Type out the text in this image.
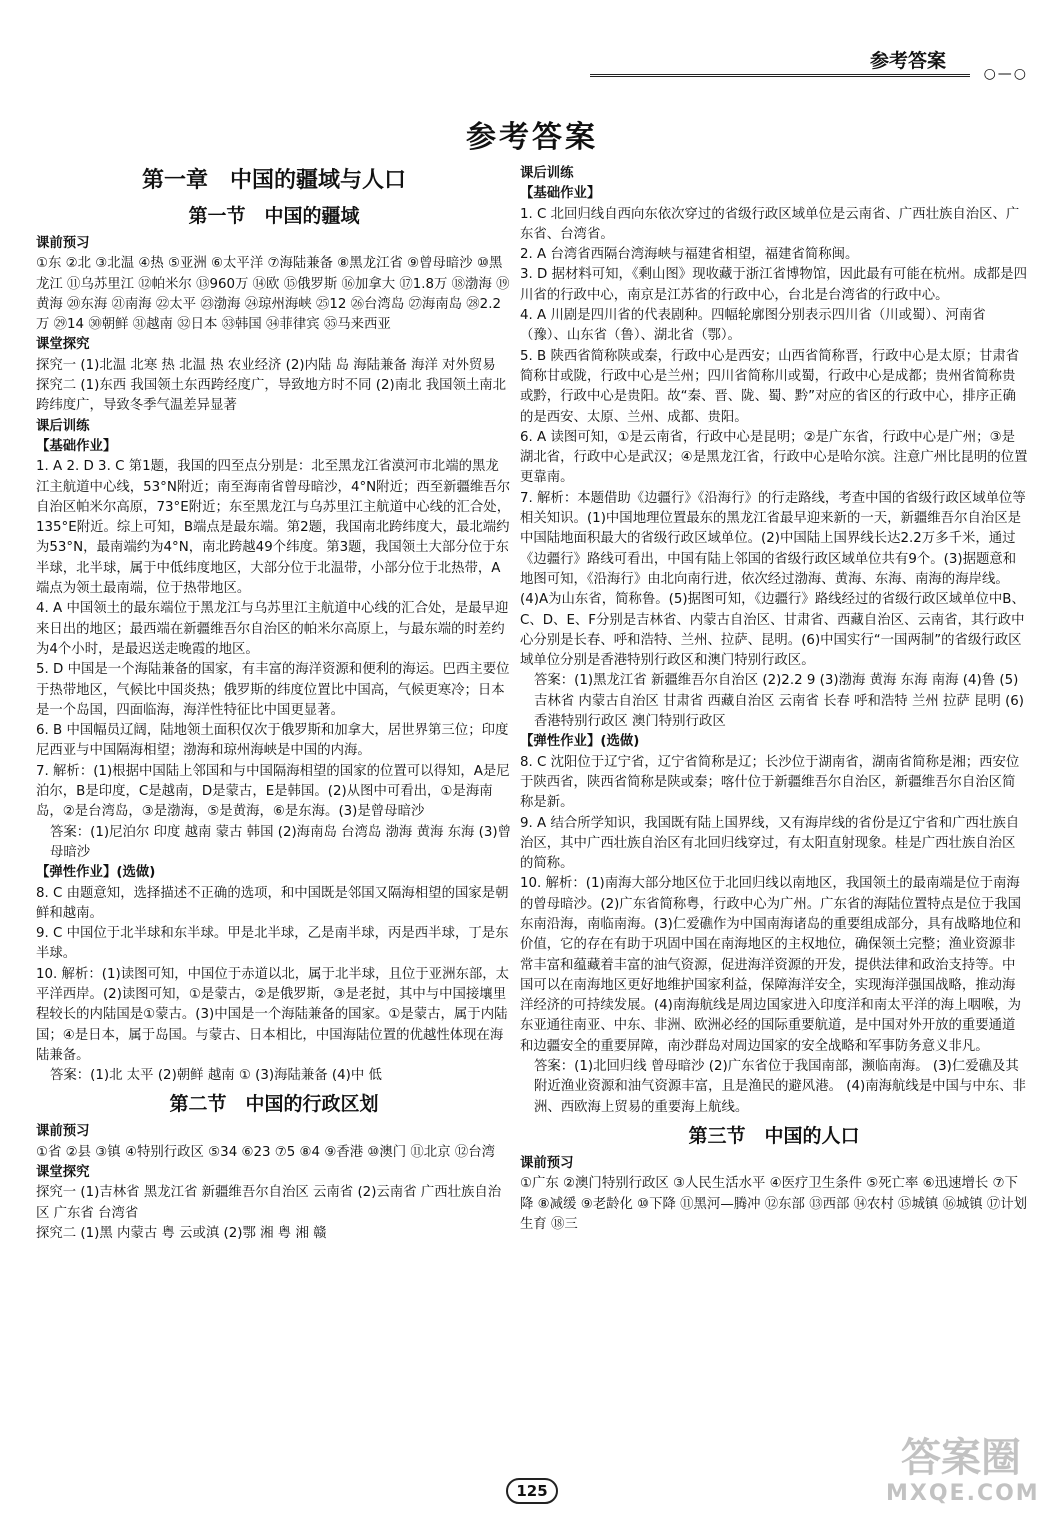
参考答案
○—○
参考答案
第一章　中国的疆域与人口
第一节　中国的疆域

课前预习

①东 ②北 ③北温 ④热 ⑤亚洲 ⑥太平洋 ⑦海陆兼备 ⑧黑龙江省 ⑨曾母暗沙 ⑩黑龙江 ⑪乌苏里江 ⑫帕米尔 ⑬960万 ⑭欧 ⑮俄罗斯 ⑯加拿大 ⑰1.8万 ⑱渤海 ⑲黄海 ⑳东海 ㉑南海 ㉒太平 ㉓渤海 ㉔琼州海峡 ㉕12 ㉖台湾岛 ㉗海南岛 ㉘2.2万 ㉙14 ㉚朝鲜 ㉛越南 ㉜日本 ㉝韩国 ㉞菲律宾 ㉟马来西亚

课堂探究

探究一 (1)北温 北寒 热 北温 热 农业经济 (2)内陆 岛 海陆兼备 海洋 对外贸易

探究二 (1)东西 我国领土东西跨经度广，导致地方时不同 (2)南北 我国领土南北跨纬度广，导致冬季气温差异显著

课后训练

【基础作业】

1. A 2. D 3. C 第1题，我国的四至点分别是：北至黑龙江省漠河市北端的黑龙江主航道中心线，53°N附近；南至海南省曾母暗沙，4°N附近；西至新疆维吾尔自治区帕米尔高原，73°E附近；东至黑龙江与乌苏里江主航道中心线的汇合处，135°E附近。综上可知，B端点是最东端。第2题，我国南北跨纬度大，最北端约为53°N，最南端约为4°N，南北跨越49个纬度。第3题，我国领土大部分位于东半球，北半球，属于中低纬度地区，大部分位于北温带，小部分位于北热带，A端点为领土最南端，位于热带地区。

4. A 中国领土的最东端位于黑龙江与乌苏里江主航道中心线的汇合处，是最早迎来日出的地区；最西端在新疆维吾尔自治区的帕米尔高原上，与最东端的时差约为4个小时，是最迟送走晚霞的地区。

5. D 中国是一个海陆兼备的国家，有丰富的海洋资源和便利的海运。巴西主要位于热带地区，气候比中国炎热；俄罗斯的纬度位置比中国高，气候更寒冷；日本是一个岛国，四面临海，海洋性特征比中国更显著。

6. B 中国幅员辽阔，陆地领土面积仅次于俄罗斯和加拿大，居世界第三位；印度尼西亚与中国隔海相望；渤海和琼州海峡是中国的内海。

7. 解析：(1)根据中国陆上邻国和与中国隔海相望的国家的位置可以得知，A是尼泊尔，B是印度，C是越南，D是蒙古，E是韩国。(2)从图中可看出，①是海南岛，②是台湾岛，③是渤海，⑤是黄海，⑥是东海。(3)是曾母暗沙

答案：(1)尼泊尔 印度 越南 蒙古 韩国 (2)海南岛 台湾岛 渤海 黄海 东海 (3)曾母暗沙

【弹性作业】(选做)

8. C 由题意知，选择描述不正确的选项，和中国既是邻国又隔海相望的国家是朝鲜和越南。

9. C 中国位于北半球和东半球。甲是北半球，乙是南半球，丙是西半球，丁是东半球。

10. 解析：(1)读图可知，中国位于赤道以北，属于北半球，且位于亚洲东部，太平洋西岸。(2)读图可知，①是蒙古，②是俄罗斯，③是老挝，其中与中国接壤里程较长的内陆国是①蒙古。(3)中国是一个海陆兼备的国家。①是蒙古，属于内陆国；④是日本，属于岛国。与蒙古、日本相比，中国海陆位置的优越性体现在海陆兼备。

答案：(1)北 太平 (2)朝鲜 越南 ① (3)海陆兼备 (4)中 低

第二节　中国的行政区划

课前预习

①省 ②县 ③镇 ④特别行政区 ⑤34 ⑥23 ⑦5 ⑧4 ⑨香港 ⑩澳门 ⑪北京 ⑫台湾

课堂探究

探究一 (1)吉林省 黑龙江省 新疆维吾尔自治区 云南省 (2)云南省 广西壮族自治区 广东省 台湾省

探究二 (1)黑 内蒙古 粤 云或滇 (2)鄂 湘 粤 湘 赣

课后训练

【基础作业】

1. C 北回归线自西向东依次穿过的省级行政区域单位是云南省、广西壮族自治区、广东省、台湾省。

2. A 台湾省西隔台湾海峡与福建省相望，福建省简称闽。

3. D 据材料可知，《剩山图》现收藏于浙江省博物馆，因此最有可能在杭州。成都是四川省的行政中心，南京是江苏省的行政中心，台北是台湾省的行政中心。

4. A 川剧是四川省的代表剧种。四幅轮廓图分别表示四川省（川或蜀）、河南省（豫）、山东省（鲁）、湖北省（鄂）。

5. B 陕西省简称陕或秦，行政中心是西安；山西省简称晋，行政中心是太原；甘肃省简称甘或陇，行政中心是兰州；四川省简称川或蜀，行政中心是成都；贵州省简称贵或黔，行政中心是贵阳。故“秦、晋、陇、蜀、黔”对应的省区的行政中心，排序正确的是西安、太原、兰州、成都、贵阳。

6. A 读图可知，①是云南省，行政中心是昆明；②是广东省，行政中心是广州；③是湖北省，行政中心是武汉；④是黑龙江省，行政中心是哈尔滨。注意广州比昆明的位置更靠南。

7. 解析：本题借助《边疆行》《沿海行》的行走路线，考查中国的省级行政区域单位等相关知识。(1)中国地理位置最东的黑龙江省最早迎来新的一天，新疆维吾尔自治区是中国陆地面积最大的省级行政区域单位。(2)中国陆上国界线长达2.2万多千米，通过《边疆行》路线可看出，中国有陆上邻国的省级行政区域单位共有9个。(3)据题意和地图可知，《沿海行》由北向南行进，依次经过渤海、黄海、东海、南海的海岸线。(4)A为山东省，简称鲁。(5)据图可知，《边疆行》路线经过的省级行政区域单位中B、C、D、E、F分别是吉林省、内蒙古自治区、甘肃省、西藏自治区、云南省，其行政中心分别是长春、呼和浩特、兰州、拉萨、昆明。(6)中国实行“一国两制”的省级行政区域单位分别是香港特别行政区和澳门特别行政区。

答案：(1)黑龙江省 新疆维吾尔自治区 (2)2.2 9 (3)渤海 黄海 东海 南海 (4)鲁 (5)吉林省 内蒙古自治区 甘肃省 西藏自治区 云南省 长春 呼和浩特 兰州 拉萨 昆明 (6)香港特别行政区 澳门特别行政区

【弹性作业】(选做)

8. C 沈阳位于辽宁省，辽宁省简称是辽；长沙位于湖南省，湖南省简称是湘；西安位于陕西省，陕西省简称是陕或秦；喀什位于新疆维吾尔自治区，新疆维吾尔自治区简称是新。

9. A 结合所学知识，我国既有陆上国界线，又有海岸线的省份是辽宁省和广西壮族自治区，其中广西壮族自治区有北回归线穿过，有太阳直射现象。桂是广西壮族自治区的简称。

10. 解析：(1)南海大部分地区位于北回归线以南地区，我国领土的最南端是位于南海的曾母暗沙。(2)广东省简称粤，行政中心为广州。广东省的海陆位置特点是位于我国东南沿海，南临南海。(3)仁爱礁作为中国南海诸岛的重要组成部分，具有战略地位和价值，它的存在有助于巩固中国在南海地区的主权地位，确保领土完整；渔业资源非常丰富和蕴藏着丰富的油气资源，促进海洋资源的开发，提供法律和政治支持等。中国可以在南海地区更好地维护国家利益，保障海洋安全，实现海洋强国战略，推动海洋经济的可持续发展。(4)南海航线是周边国家进入印度洋和南太平洋的海上咽喉，为东亚通往南亚、中东、非洲、欧洲必经的国际重要航道，是中国对外开放的重要通道和边疆安全的重要屏障，南沙群岛对周边国家的安全战略和军事防务意义非凡。

答案：(1)北回归线 曾母暗沙 (2)广东省位于我国南部，濒临南海。 (3)仁爱礁及其附近渔业资源和油气资源丰富，且是渔民的避风港。 (4)南海航线是中国与中东、非洲、西欧海上贸易的重要海上航线。

第三节　中国的人口

课前预习

①广东 ②澳门特别行政区 ③人民生活水平 ④医疗卫生条件 ⑤死亡率 ⑥迅速增长 ⑦下降 ⑧减缓 ⑨老龄化 ⑩下降 ⑪黑河—腾冲 ⑫东部 ⑬西部 ⑭农村 ⑮城镇 ⑯城镇 ⑰计划生育 ⑱三

125
答案圈
MXQE.COM
